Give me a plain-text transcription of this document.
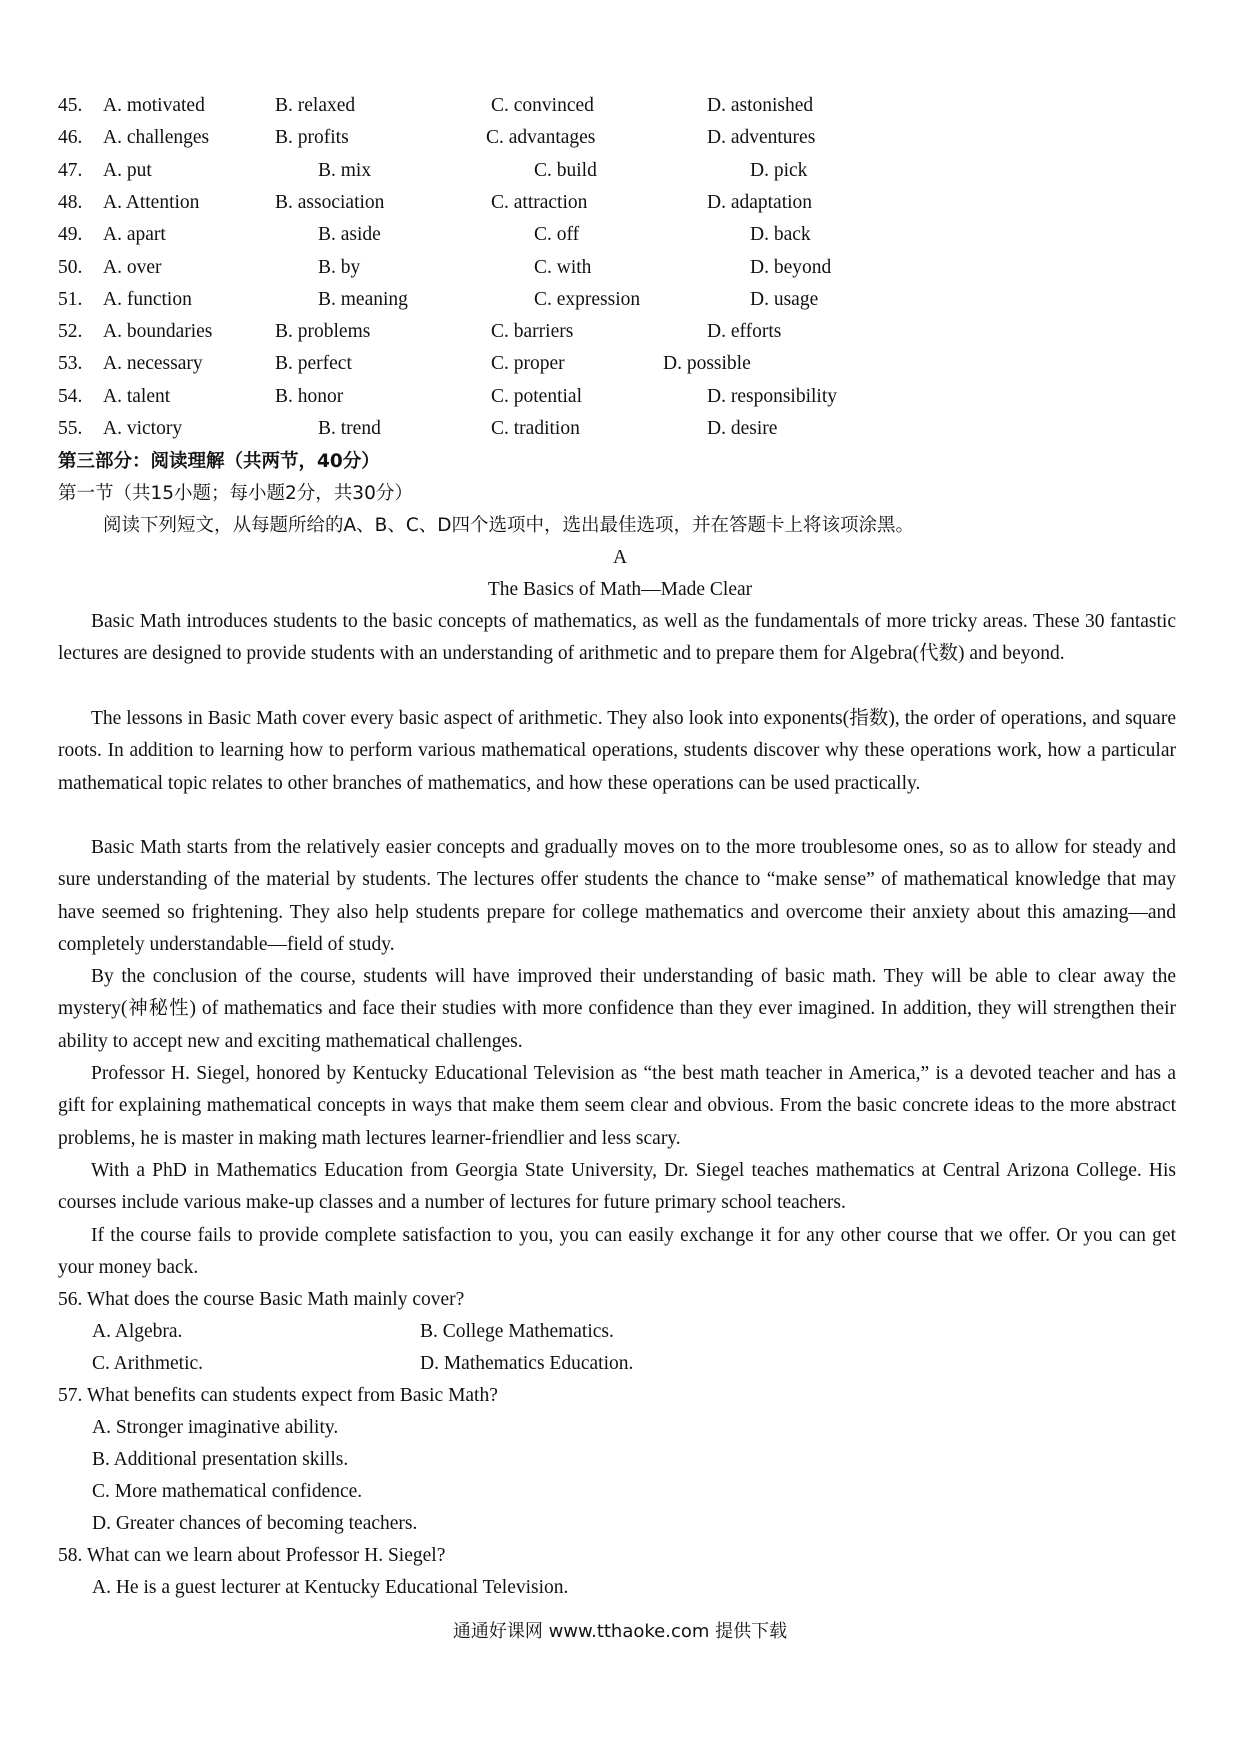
45. A. motivated	B. relaxed	C. convinced	D. astonished
46. A. challenges	B. profits	C. advantages	D. adventures
47. A. put	B. mix	C. build	D. pick
48. A. Attention	B. association	C. attraction	D. adaptation
49. A. apart	B. aside	C. off	D. back
50. A. over	B. by	C. with	D. beyond
51. A. function	B. meaning	C. expression	D. usage
52. A. boundaries	B. problems	C. barriers	D. efforts
53. A. necessary	B. perfect	C. proper	D. possible
54. A. talent	B. honor	C. potential	D. responsibility
55. A. victory	B. trend	C. tradition	D. desire
第三部分：阅读理解（共两节，40分）
第一节（共15小题；每小题2分，共30分）
阅读下列短文，从每题所给的A、B、C、D四个选项中，选出最佳选项，并在答题卡上将该项涂黑。
A
The Basics of Math—Made Clear
Basic Math introduces students to the basic concepts of mathematics, as well as the fundamentals of more tricky areas. These 30 fantastic lectures are designed to provide students with an understanding of arithmetic and to prepare them for Algebra(代数) and beyond.
The lessons in Basic Math cover every basic aspect of arithmetic. They also look into exponents(指数), the order of operations, and square roots. In addition to learning how to perform various mathematical operations, students discover why these operations work, how a particular mathematical topic relates to other branches of mathematics, and how these operations can be used practically.
Basic Math starts from the relatively easier concepts and gradually moves on to the more troublesome ones, so as to allow for steady and sure understanding of the material by students. The lectures offer students the chance to “make sense” of mathematical knowledge that may have seemed so frightening. They also help students prepare for college mathematics and overcome their anxiety about this amazing—and completely understandable—field of study.
By the conclusion of the course, students will have improved their understanding of basic math. They will be able to clear away the mystery(神秘性) of mathematics and face their studies with more confidence than they ever imagined. In addition, they will strengthen their ability to accept new and exciting mathematical challenges.
Professor H. Siegel, honored by Kentucky Educational Television as “the best math teacher in America,” is a devoted teacher and has a gift for explaining mathematical concepts in ways that make them seem clear and obvious. From the basic concrete ideas to the more abstract problems, he is master in making math lectures learner-friendlier and less scary.
With a PhD in Mathematics Education from Georgia State University, Dr. Siegel teaches mathematics at Central Arizona College. His courses include various make-up classes and a number of lectures for future primary school teachers.
If the course fails to provide complete satisfaction to you, you can easily exchange it for any other course that we offer. Or you can get your money back.
56. What does the course Basic Math mainly cover?
A. Algebra.	B. College Mathematics.
C. Arithmetic.	D. Mathematics Education.
57. What benefits can students expect from Basic Math?
A. Stronger imaginative ability.
B. Additional presentation skills.
C. More mathematical confidence.
D. Greater chances of becoming teachers.
58. What can we learn about Professor H. Siegel?
A. He is a guest lecturer at Kentucky Educational Television.
通通好课网 www.tthaoke.com 提供下载
